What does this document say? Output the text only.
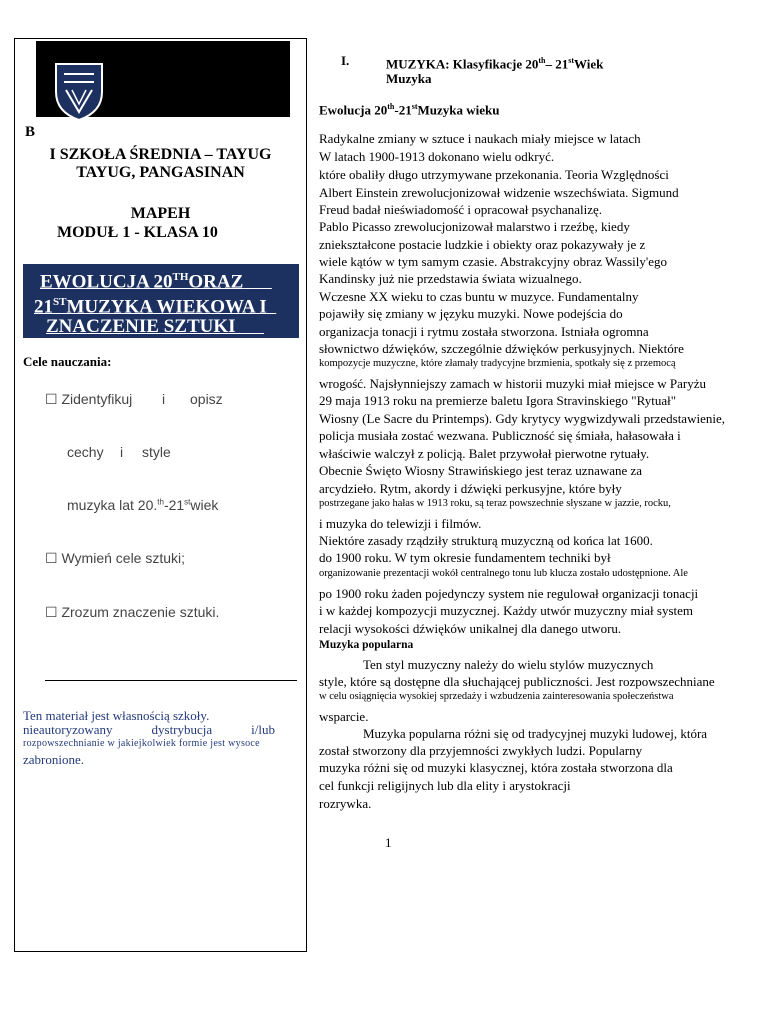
B
I SZKOŁA ŚREDNIA – TAYUG
TAYUG, PANGASINAN
MAPEH
MODUŁ 1 - KLASA 10
EWOLUCJA 20THORAZ
21STMUZYKA WIEKOWA I
ZNACZENIE SZTUKI
Cele nauczania:
☐ Zidentyfikuj i opisz
cechy i style
muzyka lat 20.$^{th}$-21stwiek
☐ Wymień cele sztuki;
☐ Zrozum znaczenie sztuki.
Ten materiał jest własnością szkoły.
nieautoryzowany	dystrybucja	i/lub
rozpowszechnianie w jakiejkolwiek formie jest wysoce
zabronione.
I.	MUZYKA: Klasyfikacje 20th– 21stWiek
Muzyka
Ewolucja 20th-21stMuzyka wieku
Radykalne zmiany w sztuce i naukach miały miejsce w latach
W latach 1900-1913 dokonano wielu odkryć.
które obaliły długo utrzymywane przekonania. Teoria Względności
Albert Einstein zrewolucjonizował widzenie wszechświata. Sigmund
Freud badał nieświadomość i opracował psychanalizę.
Pablo Picasso zrewolucjonizował malarstwo i rzeźbę, kiedy
zniekształcone postacie ludzkie i obiekty oraz pokazywały je z
wiele kątów w tym samym czasie. Abstrakcyjny obraz Wassily'ego
Kandinsky już nie przedstawia świata wizualnego.
Wczesne XX wieku to czas buntu w muzyce. Fundamentalny
pojawiły się zmiany w języku muzyki. Nowe podejścia do
organizacja tonacji i rytmu została stworzona. Istniała ogromna
słownictwo dźwięków, szczególnie dźwięków perkusyjnych. Niektóre
kompozycje muzyczne, które złamały tradycyjne brzmienia, spotkały się z przemocą
wrogość. Najsłynniejszy zamach w historii muzyki miał miejsce w Paryżu
29 maja 1913 roku na premierze baletu Igora Stravinskiego "Rytuał"
Wiosny (Le Sacre du Printemps). Gdy krytycy wygwizdywali przedstawienie,
policja musiała zostać wezwana. Publiczność się śmiała, hałasowała i
właściwie walczył z policją. Balet przywołał pierwotne rytuały.
Obecnie Święto Wiosny Strawińskiego jest teraz uznawane za
arcydzieło. Rytm, akordy i dźwięki perkusyjne, które były
postrzegane jako hałas w 1913 roku, są teraz powszechnie słyszane w jazzie, rocku,
i muzyka do telewizji i filmów.
Niektóre zasady rządziły strukturą muzyczną od końca lat 1600.
do 1900 roku. W tym okresie fundamentem techniki był
organizowanie prezentacji wokół centralnego tonu lub klucza zostało udostępnione. Ale
po 1900 roku żaden pojedynczy system nie regulował organizacji tonacji
i w każdej kompozycji muzycznej. Każdy utwór muzyczny miał system
relacji wysokości dźwięków unikalnej dla danego utworu.
Muzyka popularna
Ten styl muzyczny należy do wielu stylów muzycznych
style, które są dostępne dla słuchającej publiczności. Jest rozpowszechniane
w celu osiągnięcia wysokiej sprzedaży i wzbudzenia zainteresowania społeczeństwa
wsparcie.
Muzyka popularna różni się od tradycyjnej muzyki ludowej, która
został stworzony dla przyjemności zwykłych ludzi. Popularny
muzyka różni się od muzyki klasycznej, która została stworzona dla
cel funkcji religijnych lub dla elity i arystokracji
rozrywka.
1
